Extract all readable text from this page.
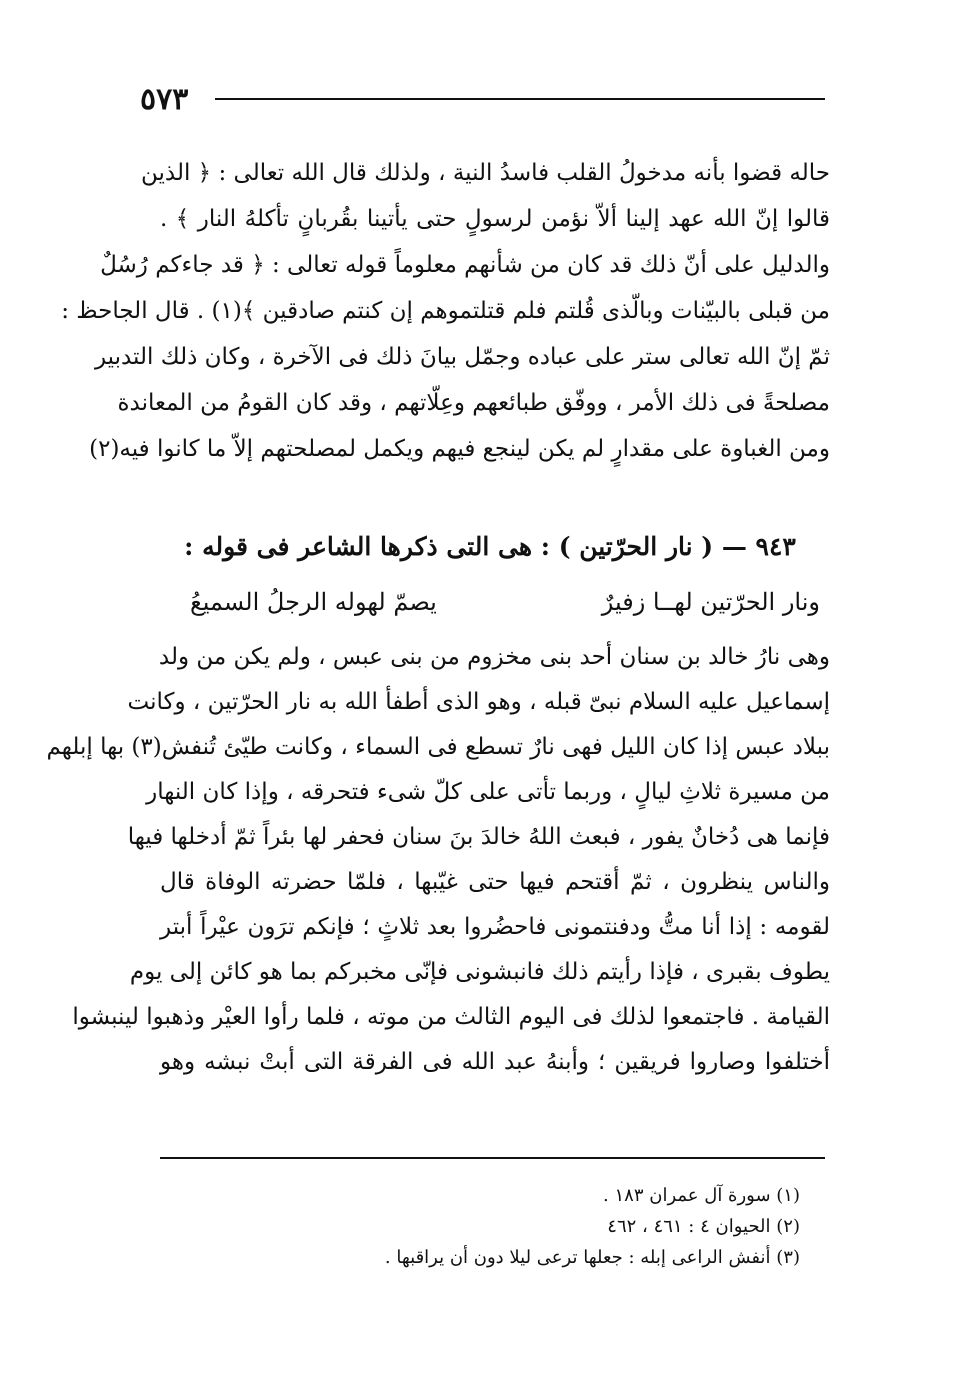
٥٧٣
حاله قضوا بأنه مدخولُ القلب فاسدُ النية ، ولذلك قال الله تعالى : ﴿ الذين
قالوا إنّ الله عهد إلينا ألاّ نؤمن لرسولٍ حتى يأتينا بقُربانٍ تأكلهُ النار ﴾ .
والدليل على أنّ ذلك قد كان من شأنهم معلوماً قوله تعالى : ﴿ قد جاءكم رُسُلٌ
من قبلى بالبيّنات وبالّذى قُلتم فلم قتلتموهم إن كنتم صادقين ﴾(١) . قال الجاحظ :
ثمّ إنّ الله تعالى ستر على عباده وجمّل بيانَ ذلك فى الآخرة ، وكان ذلك التدبير
مصلحةً فى ذلك الأمر ، ووفّق طبائعهم وعِلّاتهم ، وقد كان القومُ من المعاندة
ومن الغباوة على مقدارٍ لم يكن لينجع فيهم ويكمل لمصلحتهم إلاّ ما كانوا فيه(٢)
٩٤٣ — ( نار الحرّتين ) : هى التى ذكرها الشاعر فى قوله :
ونار الحرّتين لهــا زفيرٌ
يصمّ لهوله الرجلُ السميعُ
وهى نارُ خالد بن سنان أحد بنى مخزوم من بنى عبس ، ولم يكن من ولد
إسماعيل عليه السلام نبىّ قبله ، وهو الذى أطفأ الله به نار الحرّتين ، وكانت
ببلاد عبس إذا كان الليل فهى نارٌ تسطع فى السماء ، وكانت طيّئ تُنفش(٣) بها إبلهم
من مسيرة ثلاثِ ليالٍ ، وربما تأتى على كلّ شىء فتحرقه ، وإذا كان النهار
فإنما هى دُخانٌ يفور ، فبعث اللهُ خالدَ بنَ سنان فحفر لها بئراً ثمّ أدخلها فيها
والناس ينظرون ، ثمّ أقتحم فيها حتى غيّبها ، فلمّا حضرته الوفاة قال
لقومه : إذا أنا متُّ ودفنتمونى فاحضُروا بعد ثلاثٍ ؛ فإنكم ترَون عيْراً أبتر
يطوف بقبرى ، فإذا رأيتم ذلك فانبشونى فإنّى مخبركم بما هو كائن إلى يوم
القيامة . فاجتمعوا لذلك فى اليوم الثالث من موته ، فلما رأوا العيْر وذهبوا لينبشوا
أختلفوا وصاروا فريقين ؛ وأبنهُ عبد الله فى الفرقة التى أبتْ نبشه وهو
(١) سورة آل عمران ١٨٣ .
(٢) الحيوان ٤ : ٤٦١ ، ٤٦٢
(٣) أنفش الراعى إبله : جعلها ترعى ليلا دون أن يراقبها .
